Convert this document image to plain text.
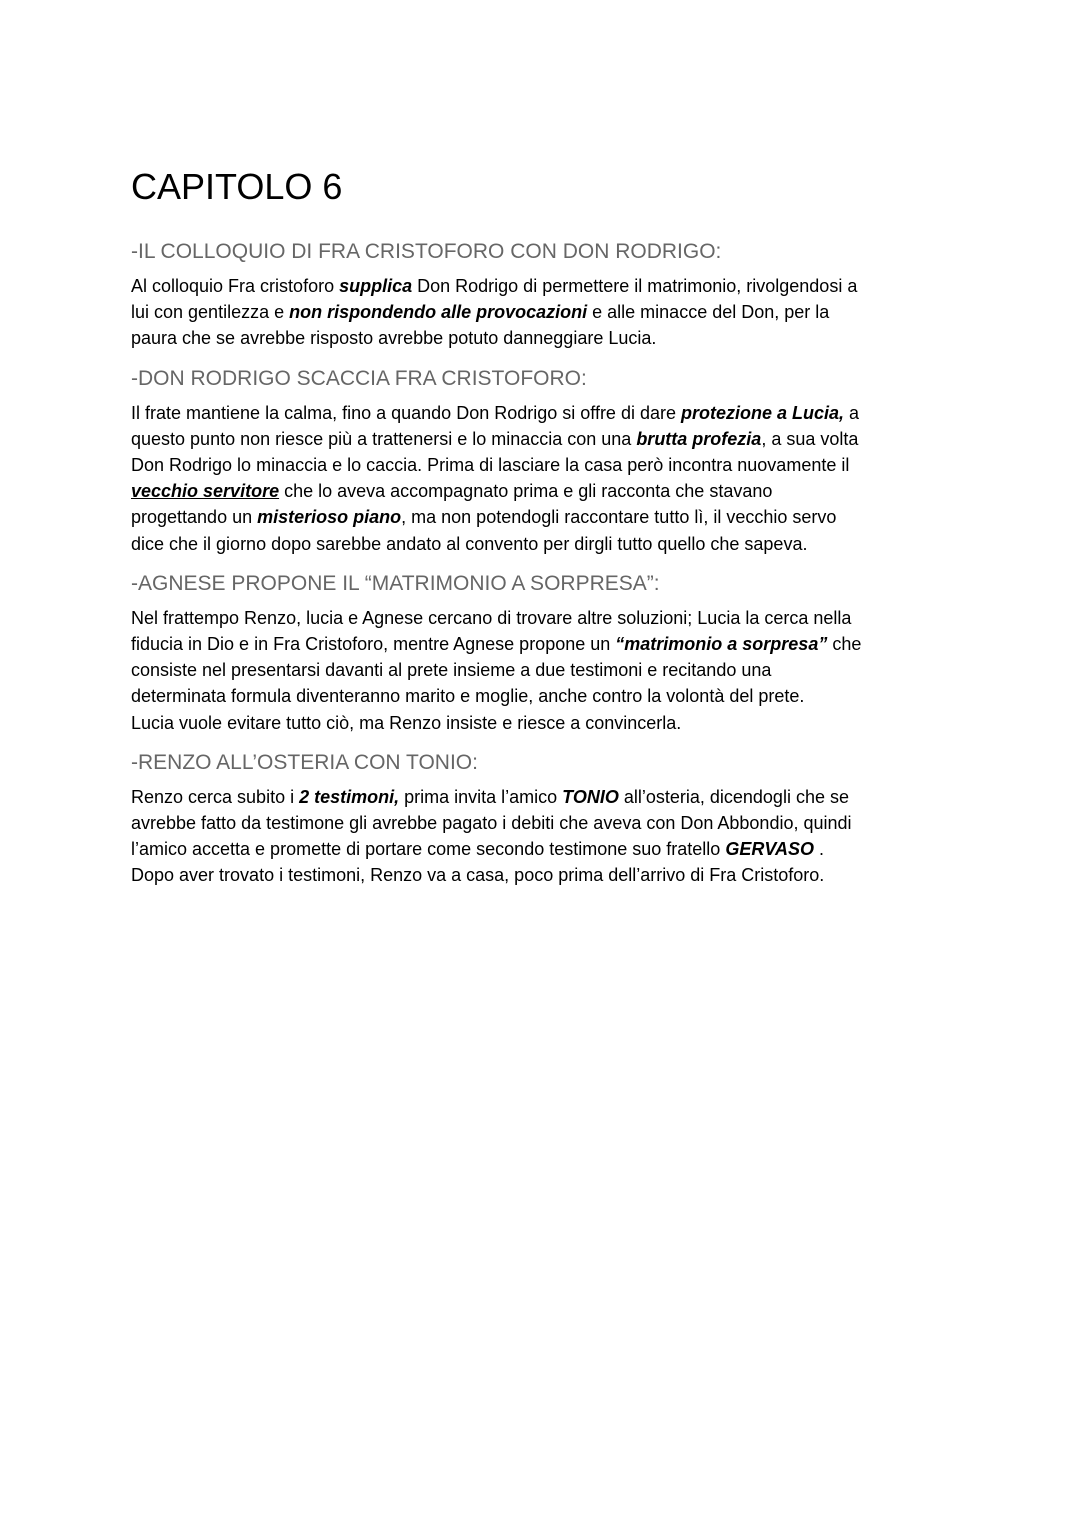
CAPITOLO 6
-IL COLLOQUIO DI FRA CRISTOFORO CON DON RODRIGO:

Al colloquio Fra cristoforo supplica Don Rodrigo di permettere il matrimonio, rivolgendosi a
lui con gentilezza e non rispondendo alle provocazioni e alle minacce del Don, per la
paura che se avrebbe risposto avrebbe potuto danneggiare Lucia.

-DON RODRIGO SCACCIA FRA CRISTOFORO:

Il frate mantiene la calma, fino a quando Don Rodrigo si offre di dare protezione a Lucia, a
questo punto non riesce più a trattenersi e lo minaccia con una brutta profezia, a sua volta
Don Rodrigo lo minaccia e lo caccia. Prima di lasciare la casa però incontra nuovamente il
vecchio servitore che lo aveva accompagnato prima e gli racconta che stavano
progettando un misterioso piano, ma non potendogli raccontare tutto lì, il vecchio servo
dice che il giorno dopo sarebbe andato al convento per dirgli tutto quello che sapeva.

-AGNESE PROPONE IL “MATRIMONIO A SORPRESA”:

Nel frattempo Renzo, lucia e Agnese cercano di trovare altre soluzioni; Lucia la cerca nella
fiducia in Dio e in Fra Cristoforo, mentre Agnese propone un “matrimonio a sorpresa” che
consiste nel presentarsi davanti al prete insieme a due testimoni e recitando una
determinata formula diventeranno marito e moglie, anche contro la volontà del prete.
Lucia vuole evitare tutto ciò, ma Renzo insiste e riesce a convincerla.

-RENZO ALL’OSTERIA CON TONIO:

Renzo cerca subito i 2 testimoni, prima invita l’amico TONIO all’osteria, dicendogli che se
avrebbe fatto da testimone gli avrebbe pagato i debiti che aveva con Don Abbondio, quindi
l’amico accetta e promette di portare come secondo testimone suo fratello GERVASO .
Dopo aver trovato i testimoni, Renzo va a casa, poco prima dell’arrivo di Fra Cristoforo.
